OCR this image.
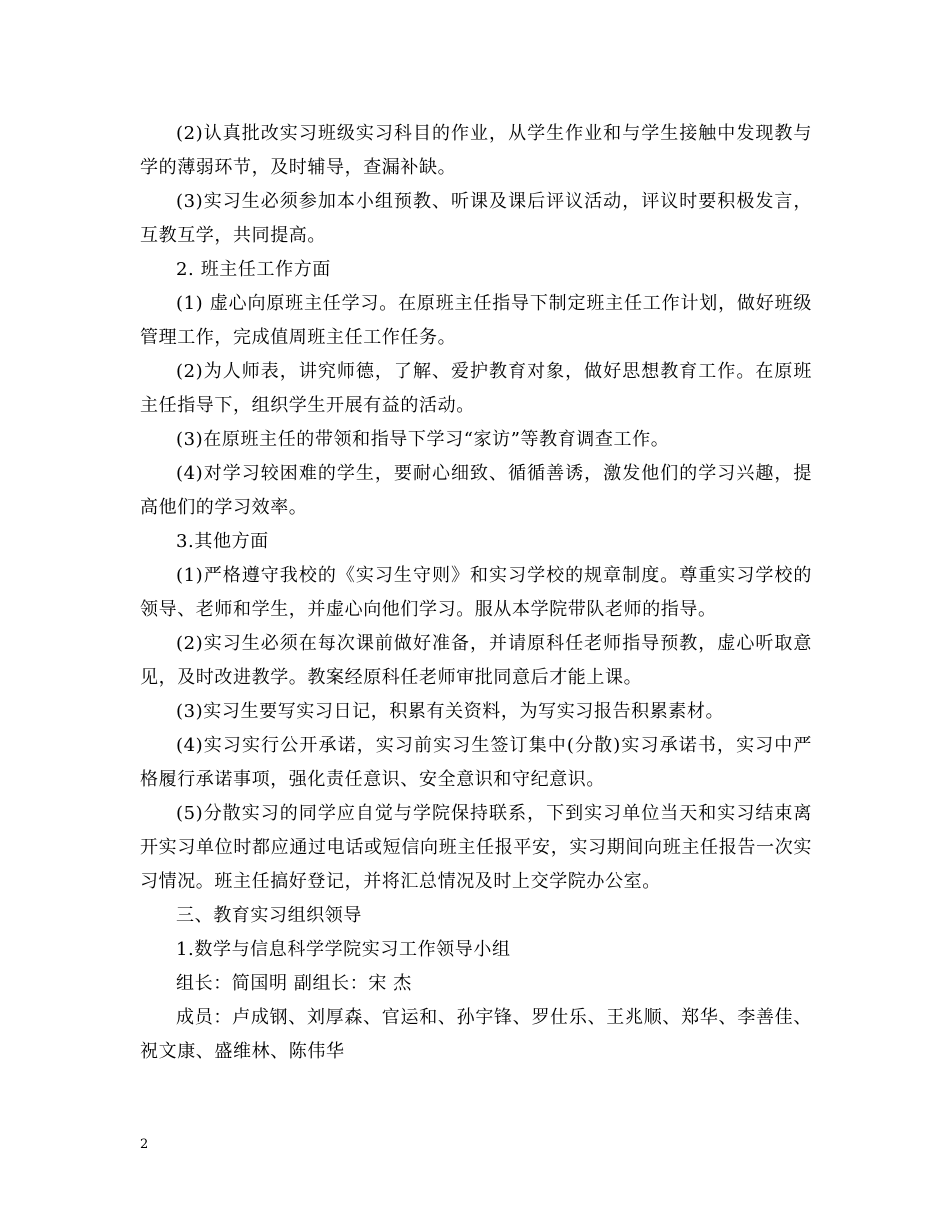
(2)认真批改实习班级实习科目的作业，从学生作业和与学生接触中发现教与学的薄弱环节，及时辅导，查漏补缺。

(3)实习生必须参加本小组预教、听课及课后评议活动，评议时要积极发言，互教互学，共同提高。

2. 班主任工作方面

(1) 虚心向原班主任学习。在原班主任指导下制定班主任工作计划，做好班级管理工作，完成值周班主任工作任务。

(2)为人师表，讲究师德，了解、爱护教育对象，做好思想教育工作。在原班主任指导下，组织学生开展有益的活动。

(3)在原班主任的带领和指导下学习“家访”等教育调查工作。

(4)对学习较困难的学生，要耐心细致、循循善诱，激发他们的学习兴趣，提高他们的学习效率。

3.其他方面

(1)严格遵守我校的《实习生守则》和实习学校的规章制度。尊重实习学校的领导、老师和学生，并虚心向他们学习。服从本学院带队老师的指导。

(2)实习生必须在每次课前做好准备，并请原科任老师指导预教，虚心听取意见，及时改进教学。教案经原科任老师审批同意后才能上课。

(3)实习生要写实习日记，积累有关资料，为写实习报告积累素材。

(4)实习实行公开承诺，实习前实习生签订集中(分散)实习承诺书，实习中严格履行承诺事项，强化责任意识、安全意识和守纪意识。

(5)分散实习的同学应自觉与学院保持联系，下到实习单位当天和实习结束离开实习单位时都应通过电话或短信向班主任报平安，实习期间向班主任报告一次实习情况。班主任搞好登记，并将汇总情况及时上交学院办公室。

三、教育实习组织领导

1.数学与信息科学学院实习工作领导小组

组长：简国明 副组长：宋 杰

成员：卢成钢、刘厚森、官运和、孙宇锋、罗仕乐、王兆顺、郑华、李善佳、祝文康、盛维林、陈伟华

2
